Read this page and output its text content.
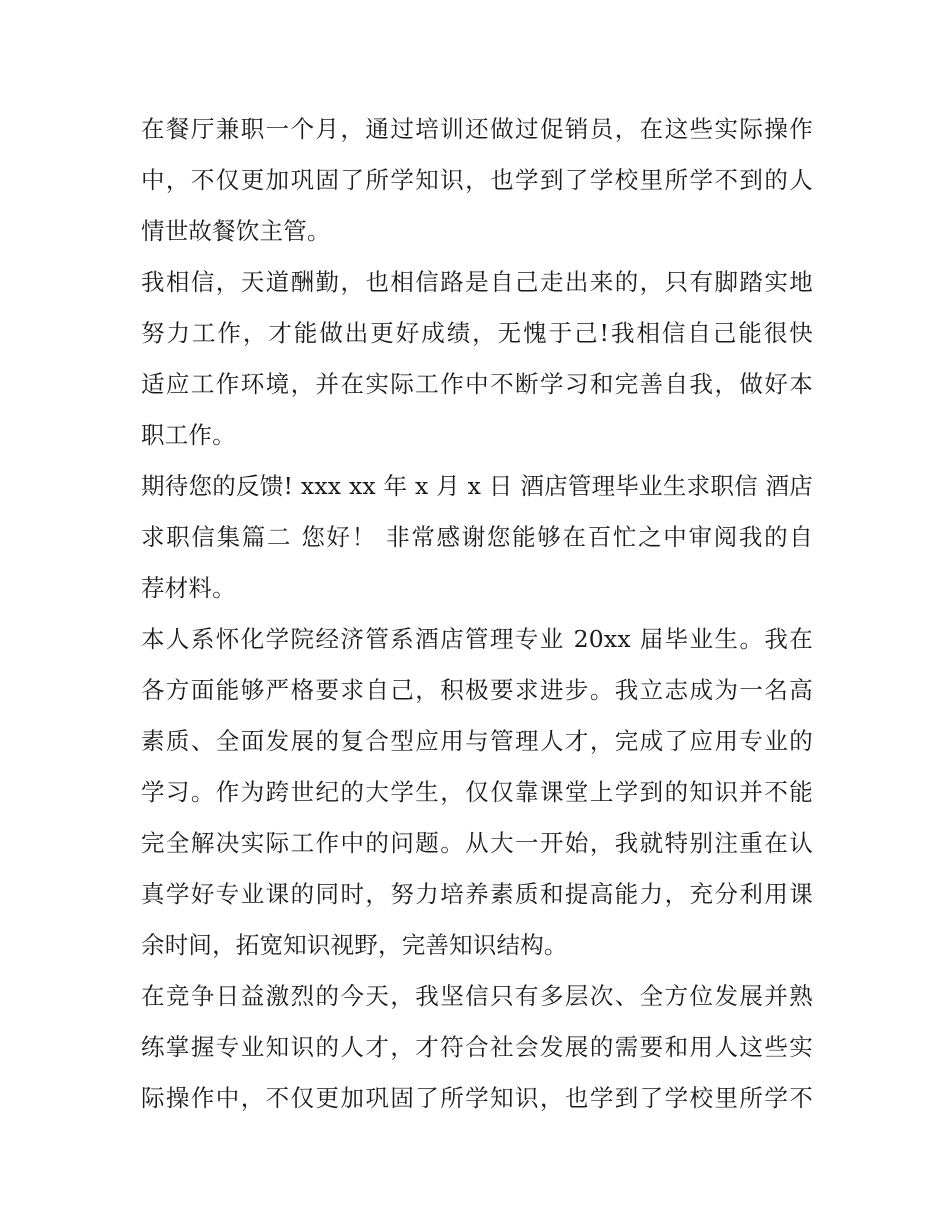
在餐厅兼职一个月，通过培训还做过促销员，在这些实际操作
中，不仅更加巩固了所学知识，也学到了学校里所学不到的人
情世故餐饮主管。
我相信，天道酬勤，也相信路是自己走出来的，只有脚踏实地
努力工作，才能做出更好成绩，无愧于己!我相信自己能很快
适应工作环境，并在实际工作中不断学习和完善自我，做好本
职工作。
期待您的反馈! xxx xx 年 x 月 x 日 酒店管理毕业生求职信 酒店
求职信集篇二 您好！ 非常感谢您能够在百忙之中审阅我的自
荐材料。
本人系怀化学院经济管系酒店管理专业 20xx 届毕业生。我在
各方面能够严格要求自己，积极要求进步。我立志成为一名高
素质、全面发展的复合型应用与管理人才，完成了应用专业的
学习。作为跨世纪的大学生，仅仅靠课堂上学到的知识并不能
完全解决实际工作中的问题。从大一开始，我就特别注重在认
真学好专业课的同时，努力培养素质和提高能力，充分利用课
余时间，拓宽知识视野，完善知识结构。
在竞争日益激烈的今天，我坚信只有多层次、全方位发展并熟
练掌握专业知识的人才，才符合社会发展的需要和用人这些实
际操作中，不仅更加巩固了所学知识，也学到了学校里所学不
